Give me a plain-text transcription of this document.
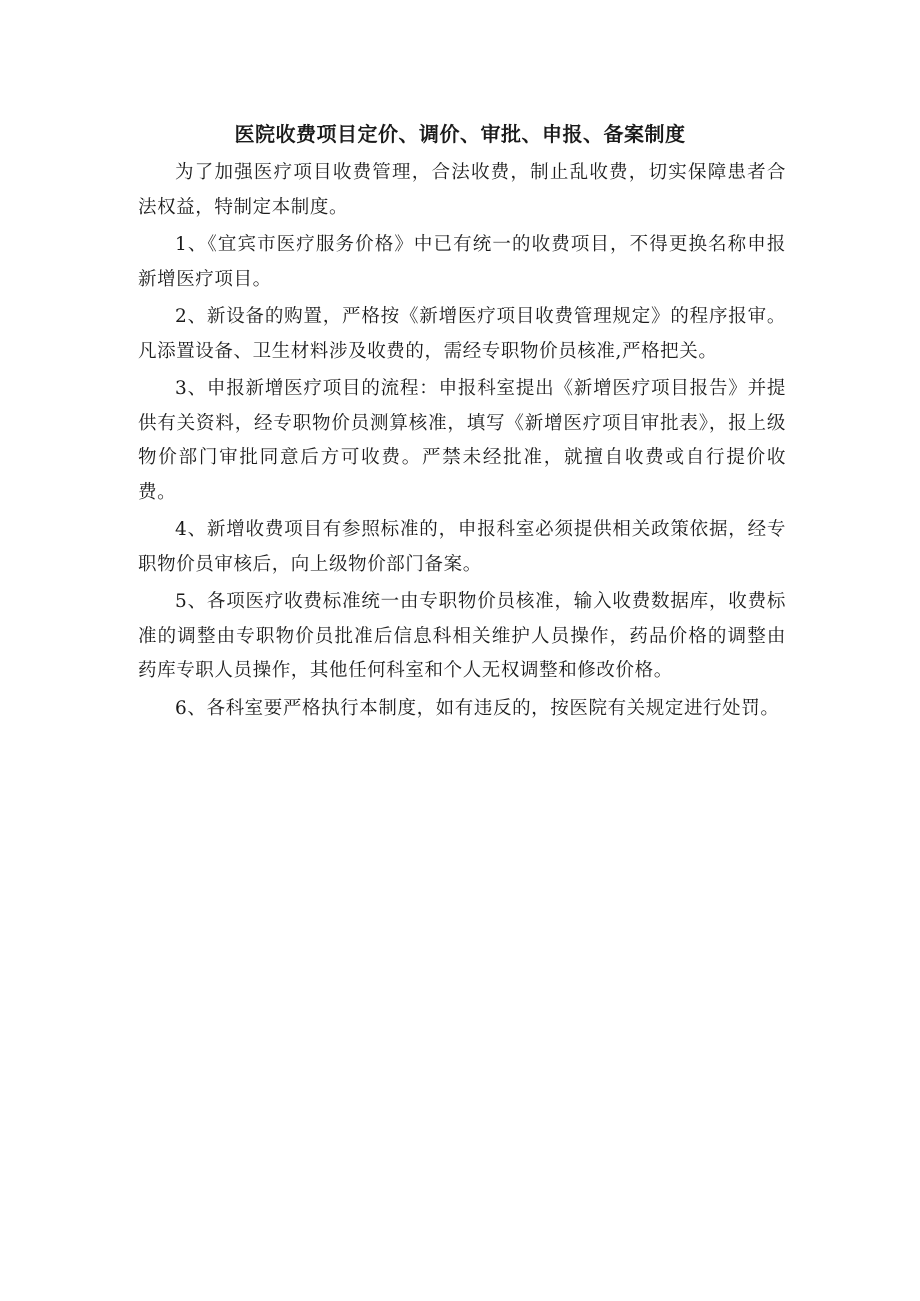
医院收费项目定价、调价、审批、申报、备案制度

为了加强医疗项目收费管理，合法收费，制止乱收费，切实保障患者合法权益，特制定本制度。

1、《宜宾市医疗服务价格》中已有统一的收费项目，不得更换名称申报新增医疗项目。

2、新设备的购置，严格按《新增医疗项目收费管理规定》的程序报审。凡添置设备、卫生材料涉及收费的，需经专职物价员核准,严格把关。

3、申报新增医疗项目的流程：申报科室提出《新增医疗项目报告》并提供有关资料，经专职物价员测算核准，填写《新增医疗项目审批表》，报上级物价部门审批同意后方可收费。严禁未经批准，就擅自收费或自行提价收费。

4、新增收费项目有参照标准的，申报科室必须提供相关政策依据，经专职物价员审核后，向上级物价部门备案。

5、各项医疗收费标准统一由专职物价员核准，输入收费数据库，收费标准的调整由专职物价员批准后信息科相关维护人员操作，药品价格的调整由药库专职人员操作，其他任何科室和个人无权调整和修改价格。

6、各科室要严格执行本制度，如有违反的，按医院有关规定进行处罚。
